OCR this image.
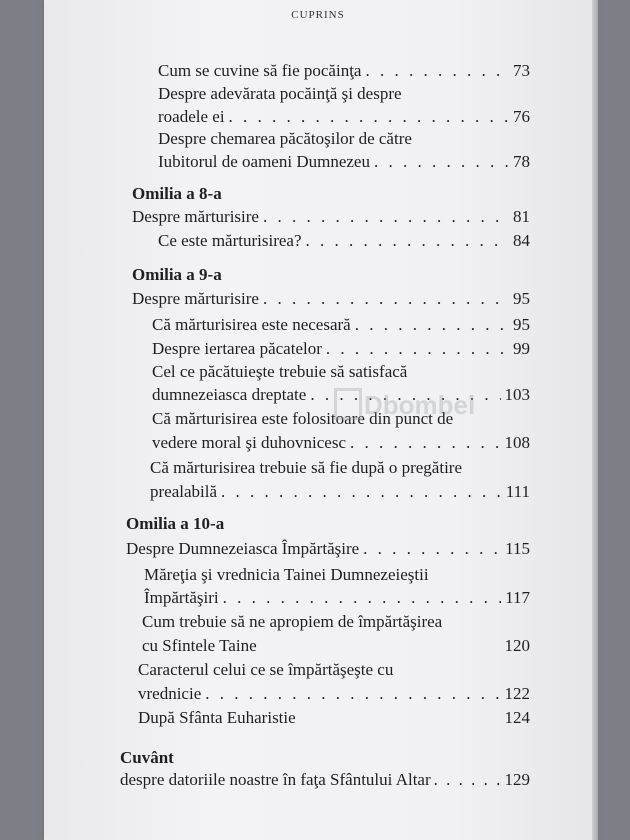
CUPRINS
Cum se cuvine să fie pocăinţa . . .	73
Despre adevărata pocăinţă şi despre
roadele ei . . .	76
Despre chemarea păcătoşilor de către
Iubitorul de oameni Dumnezeu . . .	78
Omilia a 8-a
Despre mărturisire . . .	81
Ce este mărturisirea? . . .	84
Omilia a 9-a
Despre mărturisire . . .	95
Că mărturisirea este necesară . . .	95
Despre iertarea păcatelor . . .	99
Cel ce păcătuieşte trebuie să satisfacă
dumnezeiasca dreptate . . .	103
Că mărturisirea este folositoare din punct de
vedere moral şi duhovnicesc . . .	108
Că mărturisirea trebuie să fie după o pregătire
prealabilă . . .	111
Omilia a 10-a
Despre Dumnezeiasca Împărtăşire . . .	115
Măreţia şi vrednicia Tainei Dumnezeieştii
Împărtăşiri . . .	117
Cum trebuie să ne apropiem de împărtăşirea
cu Sfintele Taine	120
Caracterul celui ce se împărtăşeşte cu
vrednicie . . .	122
După Sfânta Euharistie	124
Cuvânt
despre datoriile noastre în faţa Sfântului Altar . . .	129
Dbombel
